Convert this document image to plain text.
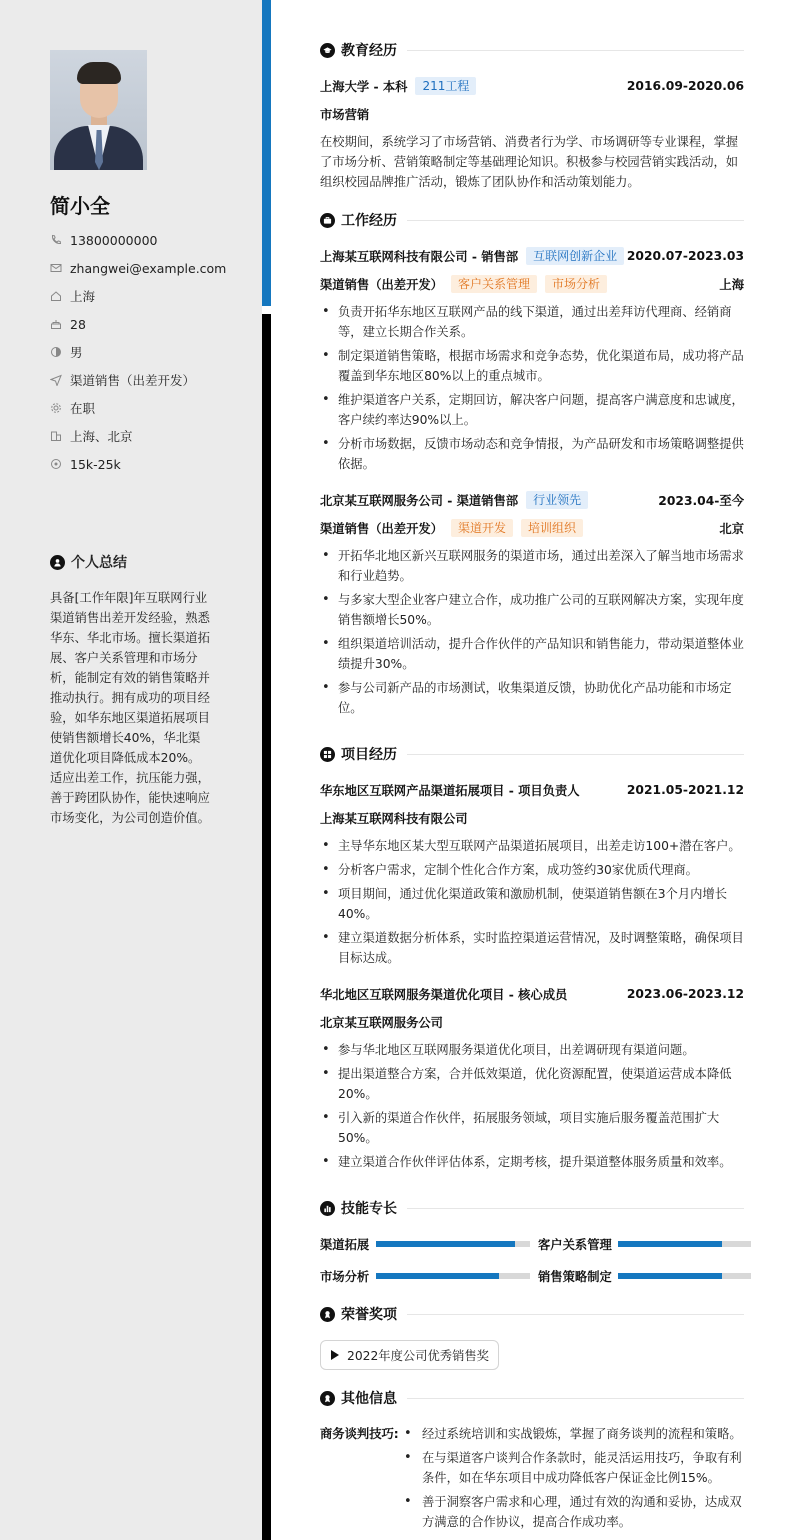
简小全
13800000000
zhangwei@example.com
上海
28
男
渠道销售（出差开发）
在职
上海、北京
15k-25k
个人总结
具备[工作年限]年互联网行业渠道销售出差开发经验，熟悉华东、华北市场。擅长渠道拓展、客户关系管理和市场分析，能制定有效的销售策略并推动执行。拥有成功的项目经验，如华东地区渠道拓展项目使销售额增长40%，华北渠道优化项目降低成本20%。适应出差工作，抗压能力强，善于跨团队协作，能快速响应市场变化，为公司创造价值。
教育经历
上海大学 - 本科	211工程	2016.09-2020.06
市场营销
在校期间，系统学习了市场营销、消费者行为学、市场调研等专业课程，掌握了市场分析、营销策略制定等基础理论知识。积极参与校园营销实践活动，如组织校园品牌推广活动，锻炼了团队协作和活动策划能力。
工作经历
上海某互联网科技有限公司 - 销售部	互联网创新企业 2020.07-2023.03
渠道销售（出差开发）	客户关系管理	市场分析	上海
• 负责开拓华东地区互联网产品的线下渠道，通过出差拜访代理商、经销商等，建立长期合作关系。
• 制定渠道销售策略，根据市场需求和竞争态势，优化渠道布局，成功将产品覆盖到华东地区80%以上的重点城市。
• 维护渠道客户关系，定期回访，解决客户问题，提高客户满意度和忠诚度，客户续约率达90%以上。
• 分析市场数据，反馈市场动态和竞争情报，为产品研发和市场策略调整提供依据。
北京某互联网服务公司 - 渠道销售部	行业领先	2023.04-至今
渠道销售（出差开发）	渠道开发	培训组织	北京
• 开拓华北地区新兴互联网服务的渠道市场，通过出差深入了解当地市场需求和行业趋势。
• 与多家大型企业客户建立合作，成功推广公司的互联网解决方案，实现年度销售额增长50%。
• 组织渠道培训活动，提升合作伙伴的产品知识和销售能力，带动渠道整体业绩提升30%。
• 参与公司新产品的市场测试，收集渠道反馈，协助优化产品功能和市场定位。
项目经历
华东地区互联网产品渠道拓展项目 - 项目负责人	2021.05-2021.12
上海某互联网科技有限公司
• 主导华东地区某大型互联网产品渠道拓展项目，出差走访100+潜在客户。
• 分析客户需求，定制个性化合作方案，成功签约30家优质代理商。
• 项目期间，通过优化渠道政策和激励机制，使渠道销售额在3个月内增长40%。
• 建立渠道数据分析体系，实时监控渠道运营情况，及时调整策略，确保项目目标达成。
华北地区互联网服务渠道优化项目 - 核心成员	2023.06-2023.12
北京某互联网服务公司
• 参与华北地区互联网服务渠道优化项目，出差调研现有渠道问题。
• 提出渠道整合方案，合并低效渠道，优化资源配置，使渠道运营成本降低20%。
• 引入新的渠道合作伙伴，拓展服务领域，项目实施后服务覆盖范围扩大50%。
• 建立渠道合作伙伴评估体系，定期考核，提升渠道整体服务质量和效率。
技能专长
渠道拓展	客户关系管理
市场分析	销售策略制定
荣誉奖项
2022年度公司优秀销售奖
其他信息
商务谈判技巧:
•	经过系统培训和实战锻炼，掌握了商务谈判的流程和策略。
• 在与渠道客户谈判合作条款时，能灵活运用技巧，争取有利条件，如在华东项目中成功降低客户保证金比例15%。
• 善于洞察客户需求和心理，通过有效的沟通和妥协，达成双方满意的合作协议，提高合作成功率。
